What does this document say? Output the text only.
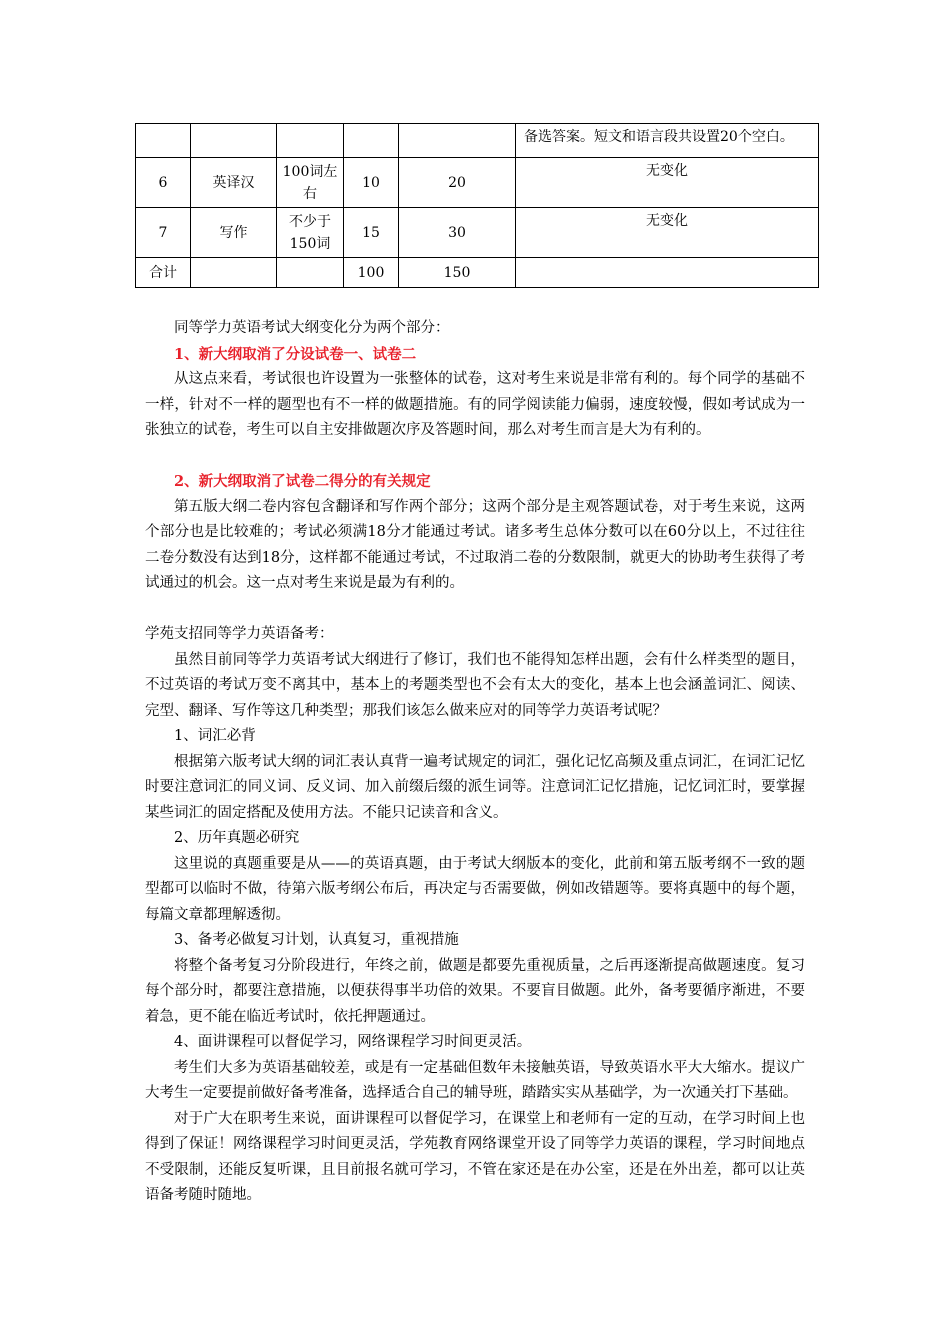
					备选答案。短文和语言段共设置20个空白。
6	英译汉	100词左右	10	20	无变化
7	写作	不少于150词	15	30	无变化
合计			100	150	

同等学力英语考试大纲变化分为两个部分：

1、新大纲取消了分设试卷一、试卷二

从这点来看，考试很也许设置为一张整体的试卷，这对考生来说是非常有利的。每个同学的基础不一样，针对不一样的题型也有不一样的做题措施。有的同学阅读能力偏弱，速度较慢，假如考试成为一张独立的试卷，考生可以自主安排做题次序及答题时间，那么对考生而言是大为有利的。

2、新大纲取消了试卷二得分的有关规定

第五版大纲二卷内容包含翻译和写作两个部分；这两个部分是主观答题试卷，对于考生来说，这两个部分也是比较难的；考试必须满18分才能通过考试。诸多考生总体分数可以在60分以上，不过往往二卷分数没有达到18分，这样都不能通过考试，不过取消二卷的分数限制，就更大的协助考生获得了考试通过的机会。这一点对考生来说是最为有利的。

学苑支招同等学力英语备考：

虽然目前同等学力英语考试大纲进行了修订，我们也不能得知怎样出题，会有什么样类型的题目，不过英语的考试万变不离其中，基本上的考题类型也不会有太大的变化，基本上也会涵盖词汇、阅读、完型、翻译、写作等这几种类型；那我们该怎么做来应对的同等学力英语考试呢？

1、词汇必背

根据第六版考试大纲的词汇表认真背一遍考试规定的词汇，强化记忆高频及重点词汇，在词汇记忆时要注意词汇的同义词、反义词、加入前缀后缀的派生词等。注意词汇记忆措施，记忆词汇时，要掌握某些词汇的固定搭配及使用方法。不能只记读音和含义。

2、历年真题必研究

这里说的真题重要是从——的英语真题，由于考试大纲版本的变化，此前和第五版考纲不一致的题型都可以临时不做，待第六版考纲公布后，再决定与否需要做，例如改错题等。要将真题中的每个题，每篇文章都理解透彻。

3、备考必做复习计划，认真复习，重视措施

将整个备考复习分阶段进行，年终之前，做题是都要先重视质量，之后再逐渐提高做题速度。复习每个部分时，都要注意措施，以便获得事半功倍的效果。不要盲目做题。此外，备考要循序渐进，不要着急，更不能在临近考试时，依托押题通过。

4、面讲课程可以督促学习，网络课程学习时间更灵活。

考生们大多为英语基础较差，或是有一定基础但数年未接触英语，导致英语水平大大缩水。提议广大考生一定要提前做好备考准备，选择适合自己的辅导班，踏踏实实从基础学，为一次通关打下基础。

对于广大在职考生来说，面讲课程可以督促学习，在课堂上和老师有一定的互动，在学习时间上也得到了保证！网络课程学习时间更灵活，学苑教育网络课堂开设了同等学力英语的课程，学习时间地点不受限制，还能反复听课，且目前报名就可学习，不管在家还是在办公室，还是在外出差，都可以让英语备考随时随地。
